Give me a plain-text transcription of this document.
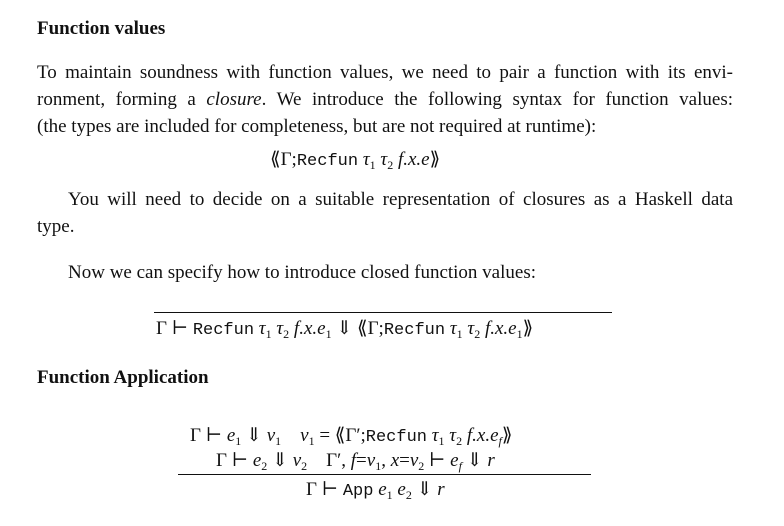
Function values
To maintain soundness with function values, we need to pair a function with its envi-
ronment, forming a closure. We introduce the following syntax for function values:
(the types are included for completeness, but are not required at runtime):
⟪Γ;Recfun $\tau_1$ $\tau_2$ f.x.e⟫
You will need to decide on a suitable representation of closures as a Haskell data
type.
Now we can specify how to introduce closed function values:
Γ ⊢ Recfun $\tau_1$ $\tau_2$ $f.x.e_1$ ⇓ ⟪Γ;Recfun $\tau_1$ $\tau_2$ $f.x.e_1⟫$
Function Application
Γ ⊢ $e_1$ ⇓ $v_1$ $v_1$ = ⟪Γ′;Recfun $\tau_1$ $\tau_2$ $f.x.e_f⟫$
Γ ⊢ $e_2$ ⇓ $v_2$ Γ′, $f=v_1$, $x=v_2$ ⊢ $e_f$ ⇓ r
Γ ⊢ App $e_1$ $e_2$ ⇓ r
